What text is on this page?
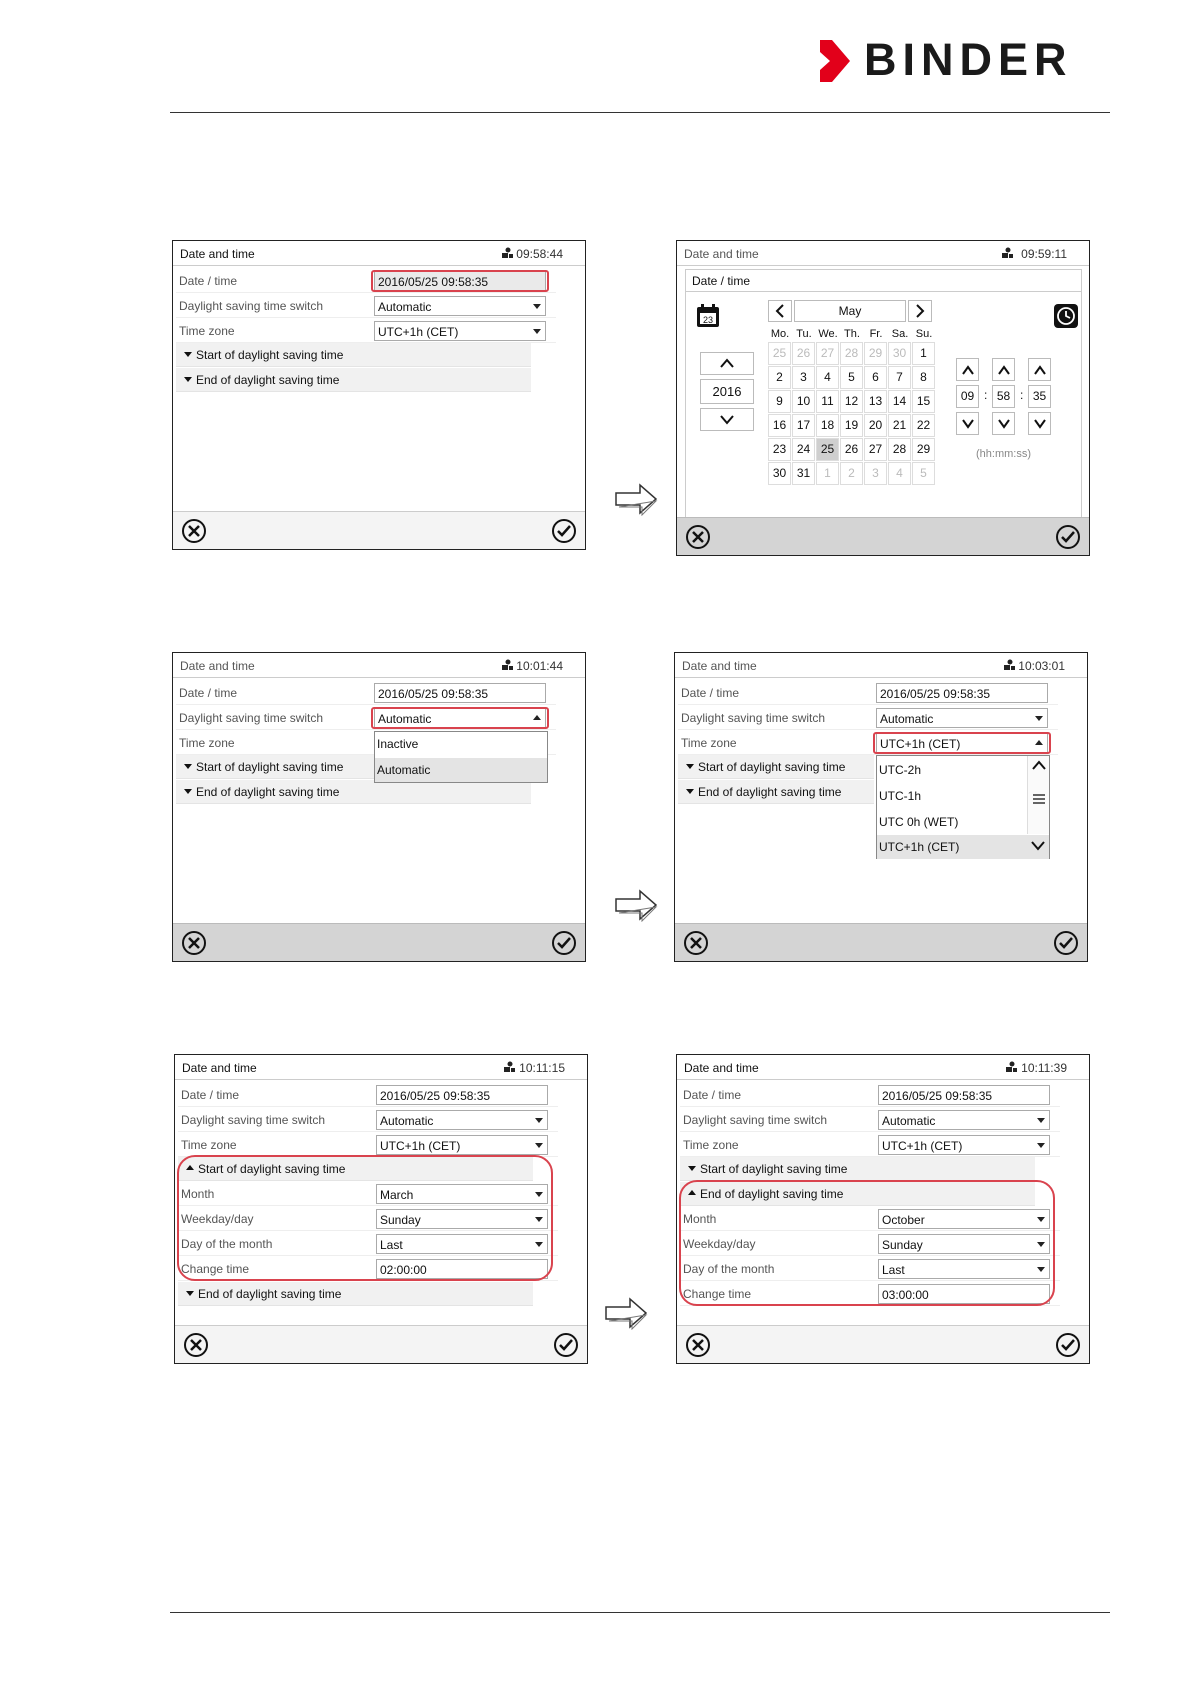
BINDER
Date and time	09:58:44
Date / time	2016/05/25 09:58:35
Daylight saving time switch	Automatic
Time zone	UTC+1h (CET)
Start of daylight saving time
End of daylight saving time
Date and time	09:59:11
Date / time
23
2016
May
Mo. Tu. We. Th. Fr. Sa. Su.
25 26 27 28 29 30	1
2	3	4	5	6	7	8
9	10 11 12 13 14 15
16 17 18 19 20 21 22
23 24 25 26 27 28 29
30 31	1	2	3	4	5
09 : 58 : 35
(hh:mm:ss)
Date and time	10:01:44
Date / time	2016/05/25 09:58:35
Daylight saving time switch	Automatic
Time zone
Start of daylight saving time
End of daylight saving time
Inactive
Automatic
Date and time	10:03:01
Date / time	2016/05/25 09:58:35
Daylight saving time switch	Automatic
Time zone	UTC+1h (CET)
Start of daylight saving time
End of daylight saving time
UTC-2h
UTC-1h
UTC 0h (WET)
UTC+1h (CET)
Date and time	10:11:15
Date / time	2016/05/25 09:58:35
Daylight saving time switch	Automatic
Time zone	UTC+1h (CET)
Start of daylight saving time
Month	March
Weekday/day	Sunday
Day of the month	Last
Change time	02:00:00
End of daylight saving time
Date and time	10:11:39
Date / time	2016/05/25 09:58:35
Daylight saving time switch	Automatic
Time zone	UTC+1h (CET)
Start of daylight saving time
End of daylight saving time
Month	October
Weekday/day	Sunday
Day of the month	Last
Change time	03:00:00
